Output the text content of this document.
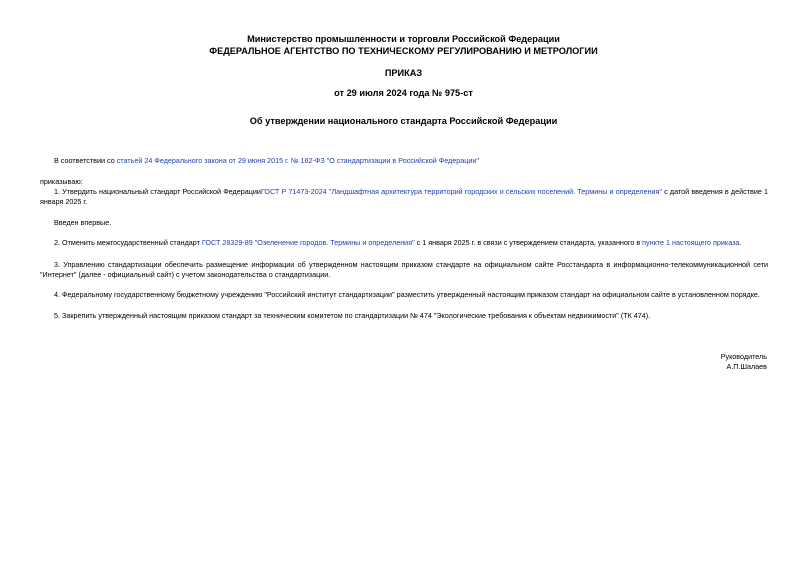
Министерство промышленности и торговли Российской Федерации
ФЕДЕРАЛЬНОЕ АГЕНТСТВО ПО ТЕХНИЧЕСКОМУ РЕГУЛИРОВАНИЮ И МЕТРОЛОГИИ
ПРИКАЗ
от 29 июля 2024 года № 975-ст
Об утверждении национального стандарта Российской Федерации
В соответствии со статьей 24 Федерального закона от 29 июня 2015 г. № 162-ФЗ "О стандартизации в Российской Федерации"
приказываю:
1. Утвердить национальный стандарт Российской ФедерацииГОСТ Р 71473-2024 "Ландшафтная архитектура территорий городских и сельских поселений. Термины и определения" с датой введения в действие 1 января 2025 г.
Введен впервые.
2. Отменить межгосударственный стандарт ГОСТ 28329-89 "Озеленение городов. Термины и определения" с 1 января 2025 г. в связи с утверждением стандарта, указанного в пункте 1 настоящего приказа.
3. Управлению стандартизации обеспечить размещение информации об утвержденном настоящим приказом стандарте на официальном сайте Росстандарта в информационно-телекоммуникационной сети "Интернет" (далее - официальный сайт) с учетом законодательства о стандартизации.
4. Федеральному государственному бюджетному учреждению "Российский институт стандартизации" разместить утвержденный настоящим приказом стандарт на официальном сайте в установленном порядке.
5. Закрепить утвержденный настоящим приказом стандарт за техническим комитетом по стандартизации № 474 "Экологические требования к объектам недвижимости" (ТК 474).
Руководитель
А.П.Шалаев
